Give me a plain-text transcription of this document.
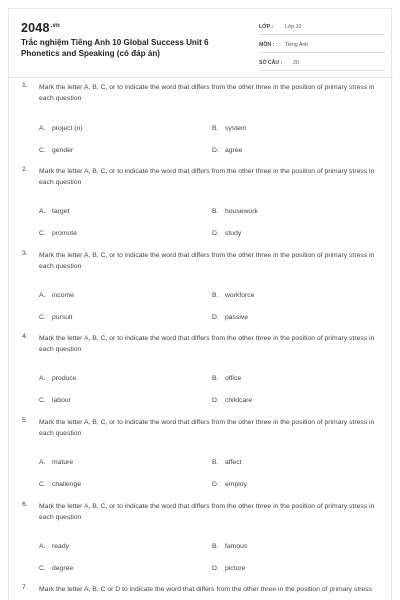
$2048^{.vn}$
Trắc nghiệm Tiếng Anh 10 Global Success Unit 6 Phonetics and Speaking (có đáp án)
LỚP : Lớp 10
MÔN : Tiếng Anh
SỐ CÂU : 20
1. Mark the letter A, B, C, or to indicate the word that differs from the other three in the position of primary stress in each question
A. project (n)	B. system
C. gender	D. agree
2. Mark the letter A, B, C, or to indicate the word that differs from the other three in the position of primary stress in each question
A. target	B. housework
C. promote	D. study
3. Mark the letter A, B, C, or to indicate the word that differs from the other three in the position of primary stress in each question
A. income	B. workforce
C. pursuit	D. passive
4. Mark the letter A, B, C, or to indicate the word that differs from the other three in the position of primary stress in each question
A. produce	B. office
C. labour	D. childcare
5. Mark the letter A, B, C, or to indicate the word that differs from the other three in the position of primary stress in each question
A. mature	B. affect
C. challenge	D. employ
6. Mark the letter A, B, C, or to indicate the word that differs from the other three in the position of primary stress in each question
A. ready	B. famous
C. degree	D. picture
7. Mark the letter A, B, C or D to indicate the word that differs from the other three in the position of primary stress
